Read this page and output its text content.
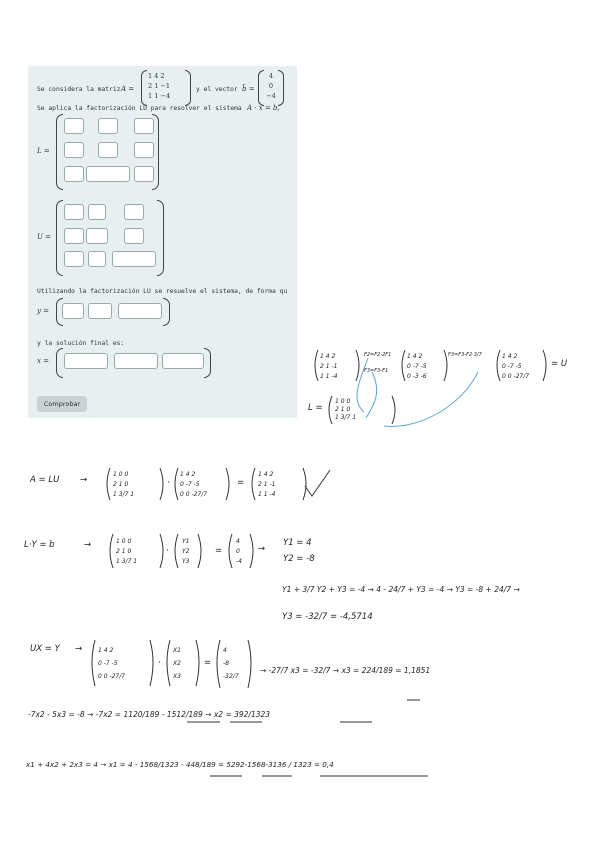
Se considera la matriz A =
1 4 2
2 1 −1
1 1 −4
y el vector b̄ =
4
0
−4
Se aplica la factorización LU para resolver el sistema A · x = b,
L =
U =
Utilizando la factorización LU se resuelve el sistema, de forma qu
y =
y la solución final es:
x =
Comprobar
1 4 2
2 1 -1
1 1 -4
F2=F2-2F1
F3=F3-F1
1 4 2
0 -7 -5
0 -3 -6
F3=F3-F2·3/7	1 4 2
0 -7 -5
0 0 -27/7
= U
L =
1 0 0
2 1 0
1 3/7 1
A = LU →
1 0 0
2 1 0
1 3/7 1
·
1 4 2
0 -7 -5
0 0 -27/7
=
1 4 2
2 1 -1
1 1 -4
L·Y = b	→	1 0 0
2 1 0
1 3/7 1
·
Y1
Y2
Y3
=
4
0
-4
→
Y1 = 4
Y2 = -8
Y1 + 3/7 Y2 + Y3 = -4 → 4 - 24/7 + Y3 = -4 → Y3 = -8 + 24/7 →
Y3 = -32/7 = -4,5714
UX = Y →	1 4 2
0 -7 -5
0 0 -27/7
·
X1
X2
X3
=
4
-8
-32/7
→ -27/7 x3 = -32/7 → x3 = 224/189 = 1,1851
-7x2 - 5x3 = -8 → -7x2 = 1120/189 - 1512/189 → x2 = 392/1323
x1 + 4x2 + 2x3 = 4 → x1 = 4 - 1568/1323 - 448/189 = 5292-1568-3136 / 1323 = 0,4
